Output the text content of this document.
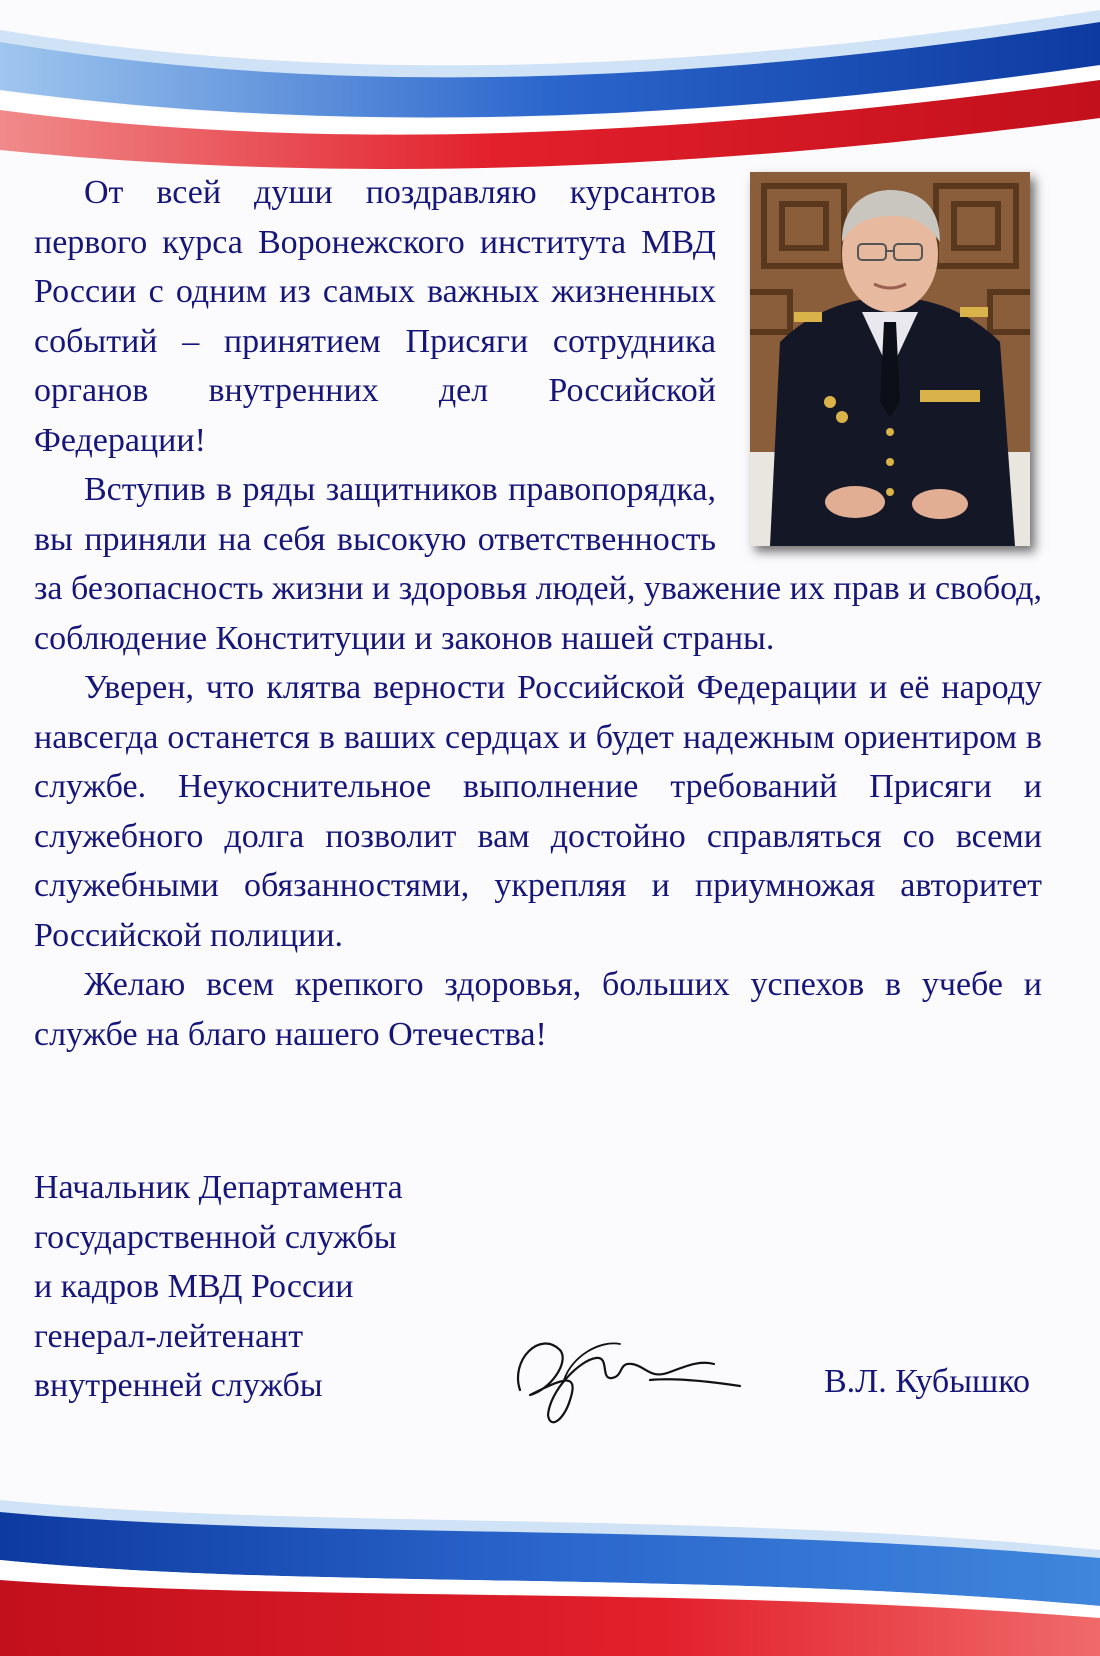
От всей души поздравляю курсантов первого курса Воронежского института МВД России с одним из самых важных жизненных событий – принятием Присяги сотрудника органов внутренних дел Российской Федерации!

Вступив в ряды защитников правопорядка, вы приняли на себя высокую ответственность за безопасность жизни и здоровья людей, уважение их прав и свобод, соблюдение Конституции и законов нашей страны.

Уверен, что клятва верности Российской Федерации и её народу навсегда останется в ваших сердцах и будет надежным ориентиром в службе. Неукоснительное выполнение требований Присяги и служебного долга позволит вам достойно справляться со всеми служебными обязанностями, укрепляя и приумножая авторитет Российской полиции.

Желаю всем крепкого здоровья, больших успехов в учебе и службе на благо нашего Отечества!

Начальник Департамента
государственной службы
и кадров МВД России
генерал-лейтенант
внутренней службы	В.Л. Кубышко
